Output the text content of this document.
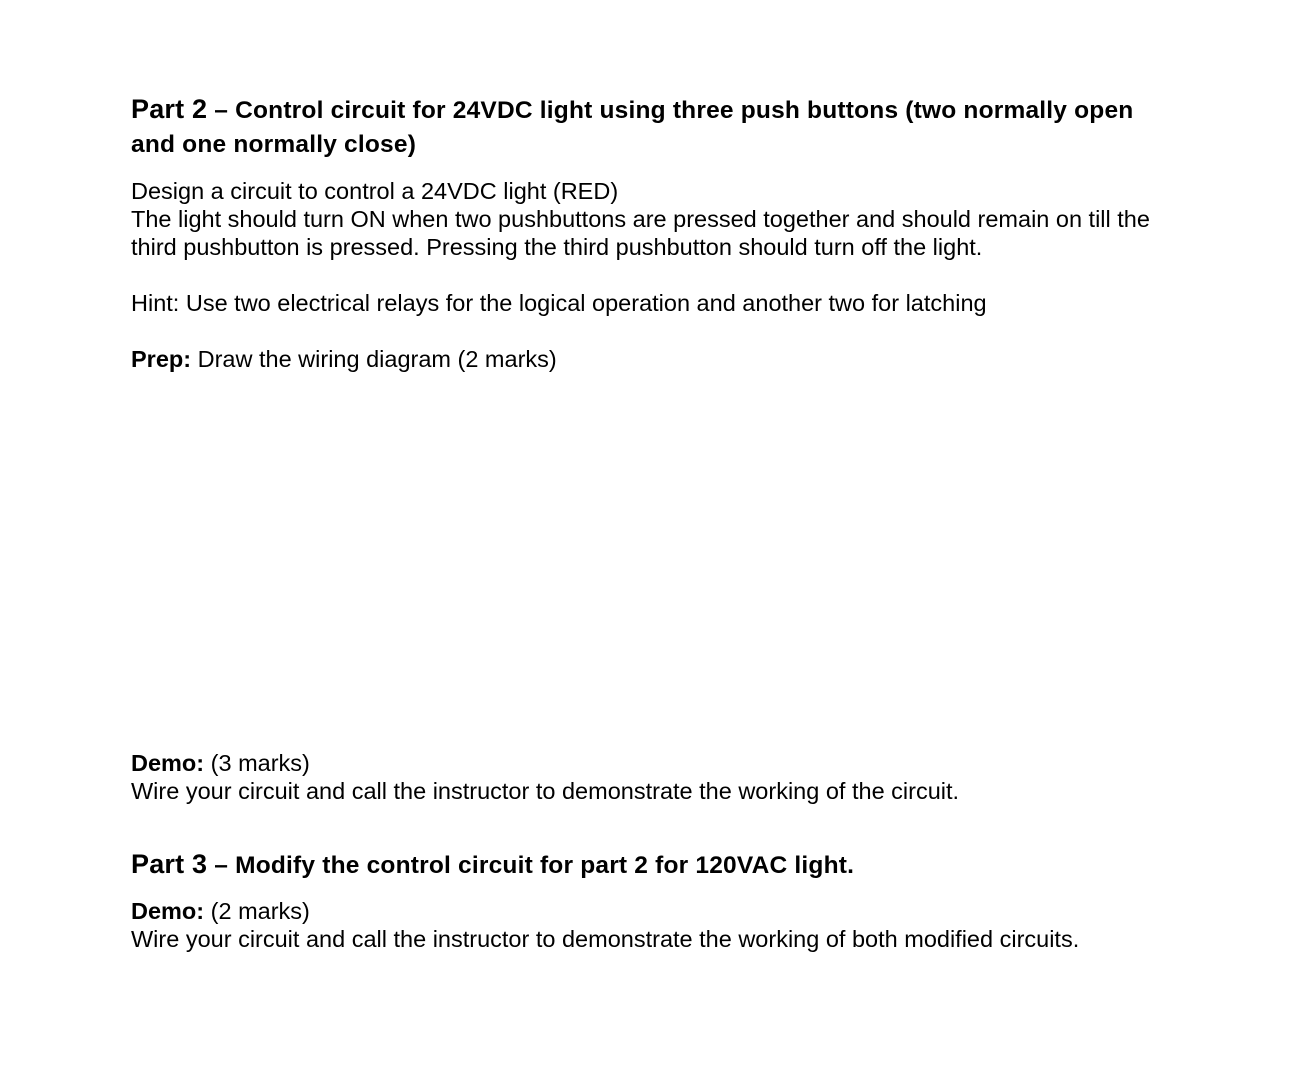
Part 2 – Control circuit for 24VDC light using three push buttons (two normally open and one normally close)

Design a circuit to control a 24VDC light (RED)

The light should turn ON when two pushbuttons are pressed together and should remain on till the third pushbutton is pressed. Pressing the third pushbutton should turn off the light.

Hint: Use two electrical relays for the logical operation and another two for latching

Prep: Draw the wiring diagram (2 marks)

Demo: (3 marks)

Wire your circuit and call the instructor to demonstrate the working of the circuit.

Part 3 – Modify the control circuit for part 2 for 120VAC light.

Demo: (2 marks)

Wire your circuit and call the instructor to demonstrate the working of both modified circuits.
